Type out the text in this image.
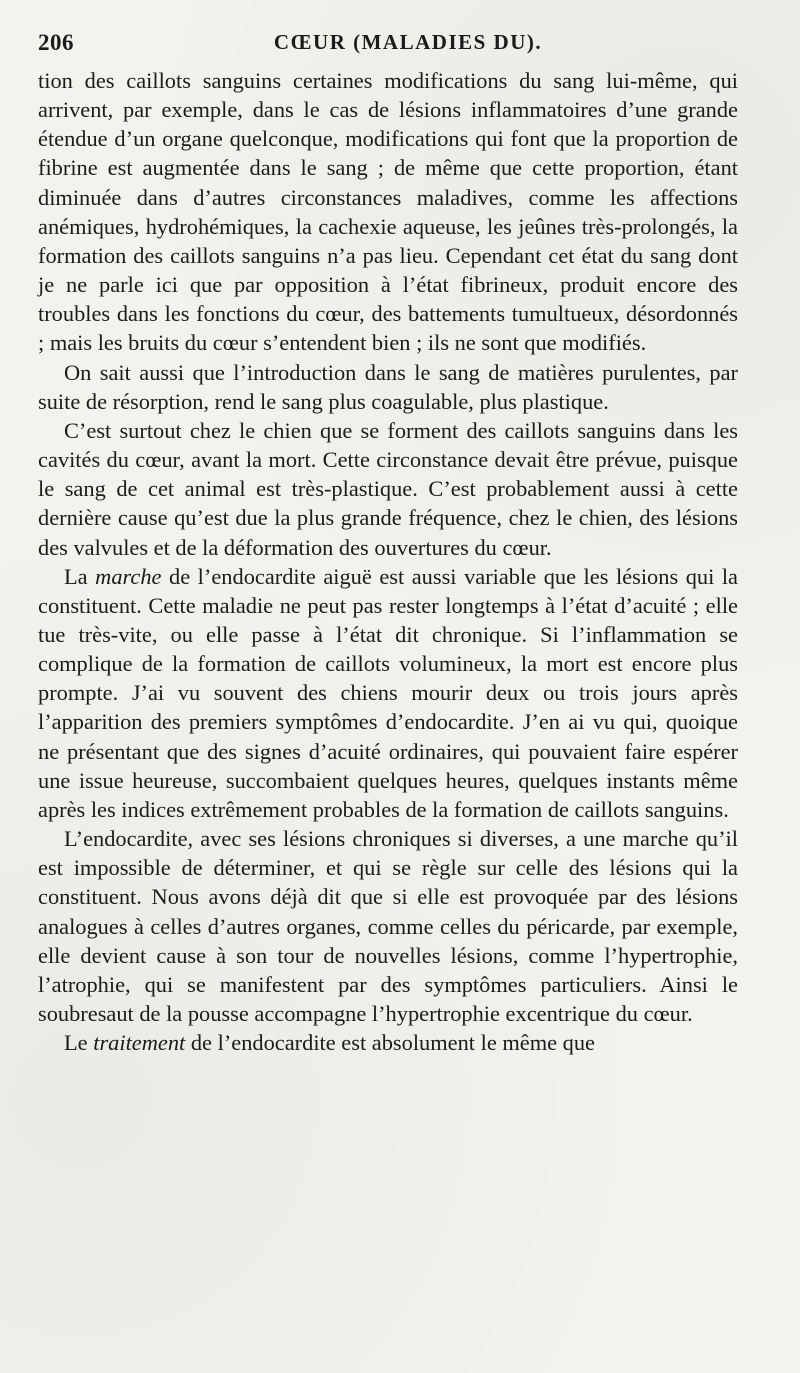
206	CŒUR (MALADIES DU).

tion des caillots sanguins certaines modifications du sang lui-même, qui arrivent, par exemple, dans le cas de lésions inflammatoires d’une grande étendue d’un organe quelconque, modifications qui font que la proportion de fibrine est augmentée dans le sang ; de même que cette proportion, étant diminuée dans d’autres circonstances maladives, comme les affections anémiques, hydrohémiques, la cachexie aqueuse, les jeûnes très-prolongés, la formation des caillots sanguins n’a pas lieu. Cependant cet état du sang dont je ne parle ici que par opposition à l’état fibrineux, produit encore des troubles dans les fonctions du cœur, des battements tumultueux, désordonnés ; mais les bruits du cœur s’entendent bien ; ils ne sont que modifiés.

On sait aussi que l’introduction dans le sang de matières purulentes, par suite de résorption, rend le sang plus coagulable, plus plastique.

C’est surtout chez le chien que se forment des caillots sanguins dans les cavités du cœur, avant la mort. Cette circonstance devait être prévue, puisque le sang de cet animal est très-plastique. C’est probablement aussi à cette dernière cause qu’est due la plus grande fréquence, chez le chien, des lésions des valvules et de la déformation des ouvertures du cœur.

La marche de l’endocardite aiguë est aussi variable que les lésions qui la constituent. Cette maladie ne peut pas rester longtemps à l’état d’acuité ; elle tue très-vite, ou elle passe à l’état dit chronique. Si l’inflammation se complique de la formation de caillots volumineux, la mort est encore plus prompte. J’ai vu souvent des chiens mourir deux ou trois jours après l’apparition des premiers symptômes d’endocardite. J’en ai vu qui, quoique ne présentant que des signes d’acuité ordinaires, qui pouvaient faire espérer une issue heureuse, succombaient quelques heures, quelques instants même après les indices extrêmement probables de la formation de caillots sanguins.

L’endocardite, avec ses lésions chroniques si diverses, a une marche qu’il est impossible de déterminer, et qui se règle sur celle des lésions qui la constituent. Nous avons déjà dit que si elle est provoquée par des lésions analogues à celles d’autres organes, comme celles du péricarde, par exemple, elle devient cause à son tour de nouvelles lésions, comme l’hypertrophie, l’atrophie, qui se manifestent par des symptômes particuliers. Ainsi le soubresaut de la pousse accompagne l’hypertrophie excentrique du cœur.

Le traitement de l’endocardite est absolument le même que
